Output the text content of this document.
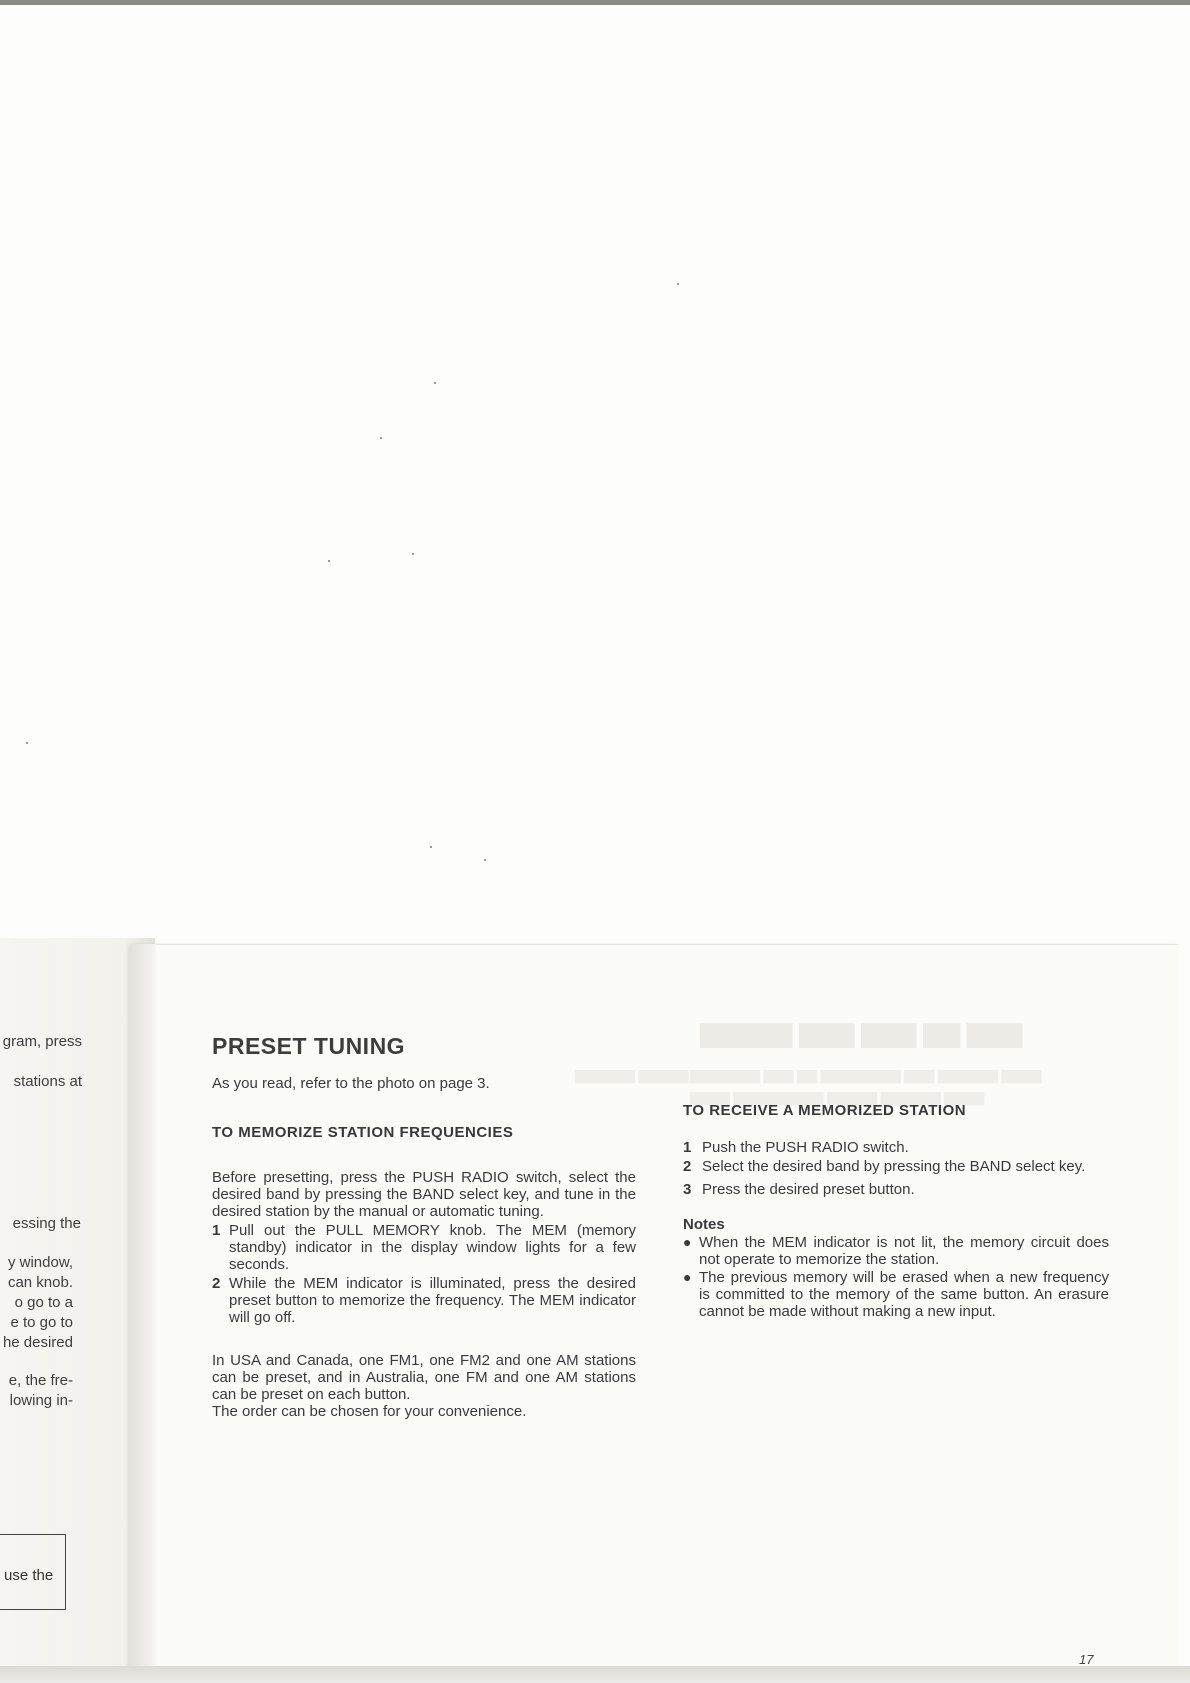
gram, press
stations at
essing the
y window,
can knob.
o go to a
e to go to
he desired
e, the fre-
lowing in-
use the
▇▇▇ ▇▇ ▇▇▇ ▇▇▇ ▇▇▇▇▇
▇▇▇▇ ▇▇▇▇▇▇ ▇▇▇ ▇▇▇▇▇▇▇▇ ▇▇ ▇▇▇ ▇▇▇▇▇▇▇
▇▇▇▇ ▇▇▇▇▇▇ ▇▇▇▇▇ ▇▇▇▇▇▇▇▇▇ ▇▇▇▇
▇▇▇▇▇ ▇▇▇▇▇▇
PRESET TUNING

As you read, refer to the photo on page 3.

TO MEMORIZE STATION FREQUENCIES

Before presetting, press the PUSH RADIO switch, select the desired band by pressing the BAND select key, and tune in the desired station by the manual or automatic tuning.

1 Pull out the PULL MEMORY knob. The MEM (memory standby) indicator in the display window lights for a few seconds.
2 While the MEM indicator is illuminated, press the desired preset button to memorize the frequency. The MEM indicator will go off.

In USA and Canada, one FM1, one FM2 and one AM stations can be preset, and in Australia, one FM and one AM stations can be preset on each button.

The order can be chosen for your convenience.

TO RECEIVE A MEMORIZED STATION
1 Push the PUSH RADIO switch.
2 Select the desired band by pressing the BAND select key.
3 Press the desired preset button.
Notes
● When the MEM indicator is not lit, the memory circuit does not operate to memorize the station.
● The previous memory will be erased when a new frequency is committed to the memory of the same button. An erasure cannot be made without making a new input.
17
